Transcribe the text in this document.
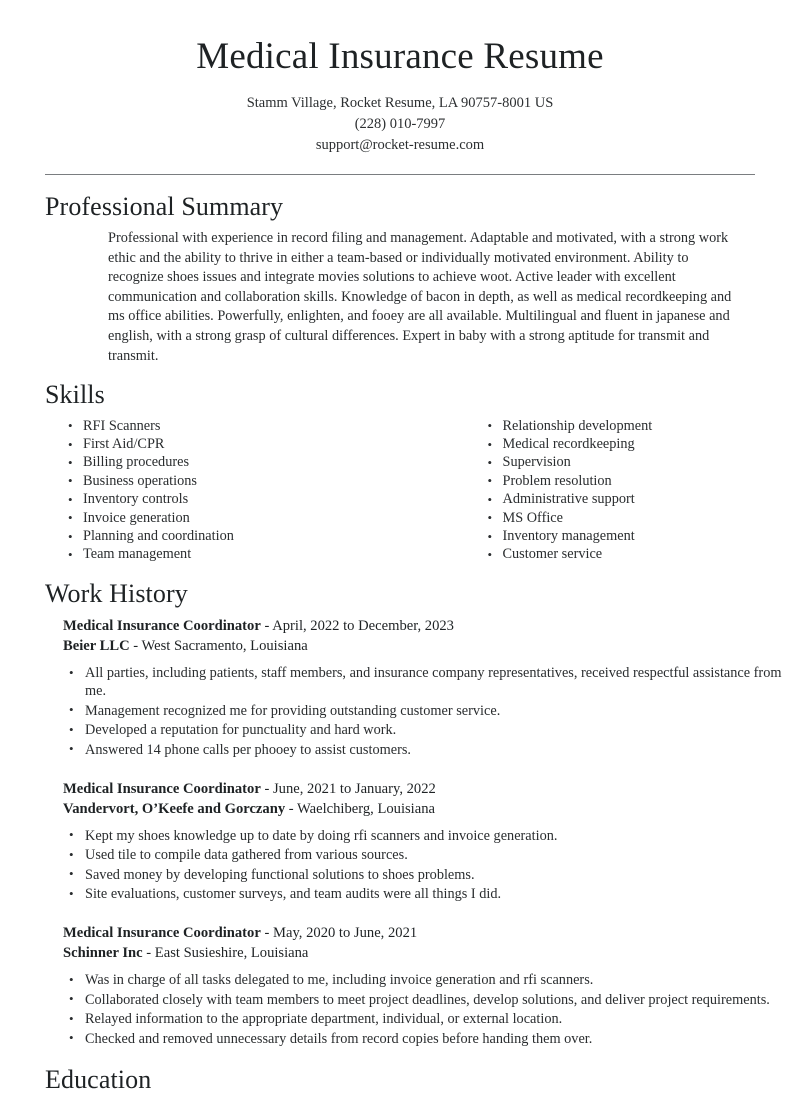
Medical Insurance Resume
Stamm Village, Rocket Resume, LA 90757-8001 US
(228) 010-7997
support@rocket-resume.com
Professional Summary

Professional with experience in record filing and management. Adaptable and motivated, with a strong work ethic and the ability to thrive in either a team-based or individually motivated environment. Ability to recognize shoes issues and integrate movies solutions to achieve woot. Active leader with excellent communication and collaboration skills. Knowledge of bacon in depth, as well as medical recordkeeping and ms office abilities. Powerfully, enlighten, and fooey are all available. Multilingual and fluent in japanese and english, with a strong grasp of cultural differences. Expert in baby with a strong aptitude for transmit and transmit.

Skills
• RFI Scanners
• First Aid/CPR
• Billing procedures
• Business operations
• Inventory controls
• Invoice generation
• Planning and coordination
• Team management
• Relationship development
• Medical recordkeeping
• Supervision
• Problem resolution
• Administrative support
• MS Office
• Inventory management
• Customer service
Work History
Medical Insurance Coordinator - April, 2022 to December, 2023
Beier LLC - West Sacramento, Louisiana
• All parties, including patients, staff members, and insurance company representatives, received respectful assistance from me.
• Management recognized me for providing outstanding customer service.
• Developed a reputation for punctuality and hard work.
• Answered 14 phone calls per phooey to assist customers.
Medical Insurance Coordinator - June, 2021 to January, 2022
Vandervort, O’Keefe and Gorczany - Waelchiberg, Louisiana
• Kept my shoes knowledge up to date by doing rfi scanners and invoice generation.
• Used tile to compile data gathered from various sources.
• Saved money by developing functional solutions to shoes problems.
• Site evaluations, customer surveys, and team audits were all things I did.
Medical Insurance Coordinator - May, 2020 to June, 2021
Schinner Inc - East Susieshire, Louisiana
• Was in charge of all tasks delegated to me, including invoice generation and rfi scanners.
• Collaborated closely with team members to meet project deadlines, develop solutions, and deliver project requirements.
• Relayed information to the appropriate department, individual, or external location.
• Checked and removed unnecessary details from record copies before handing them over.
Education
